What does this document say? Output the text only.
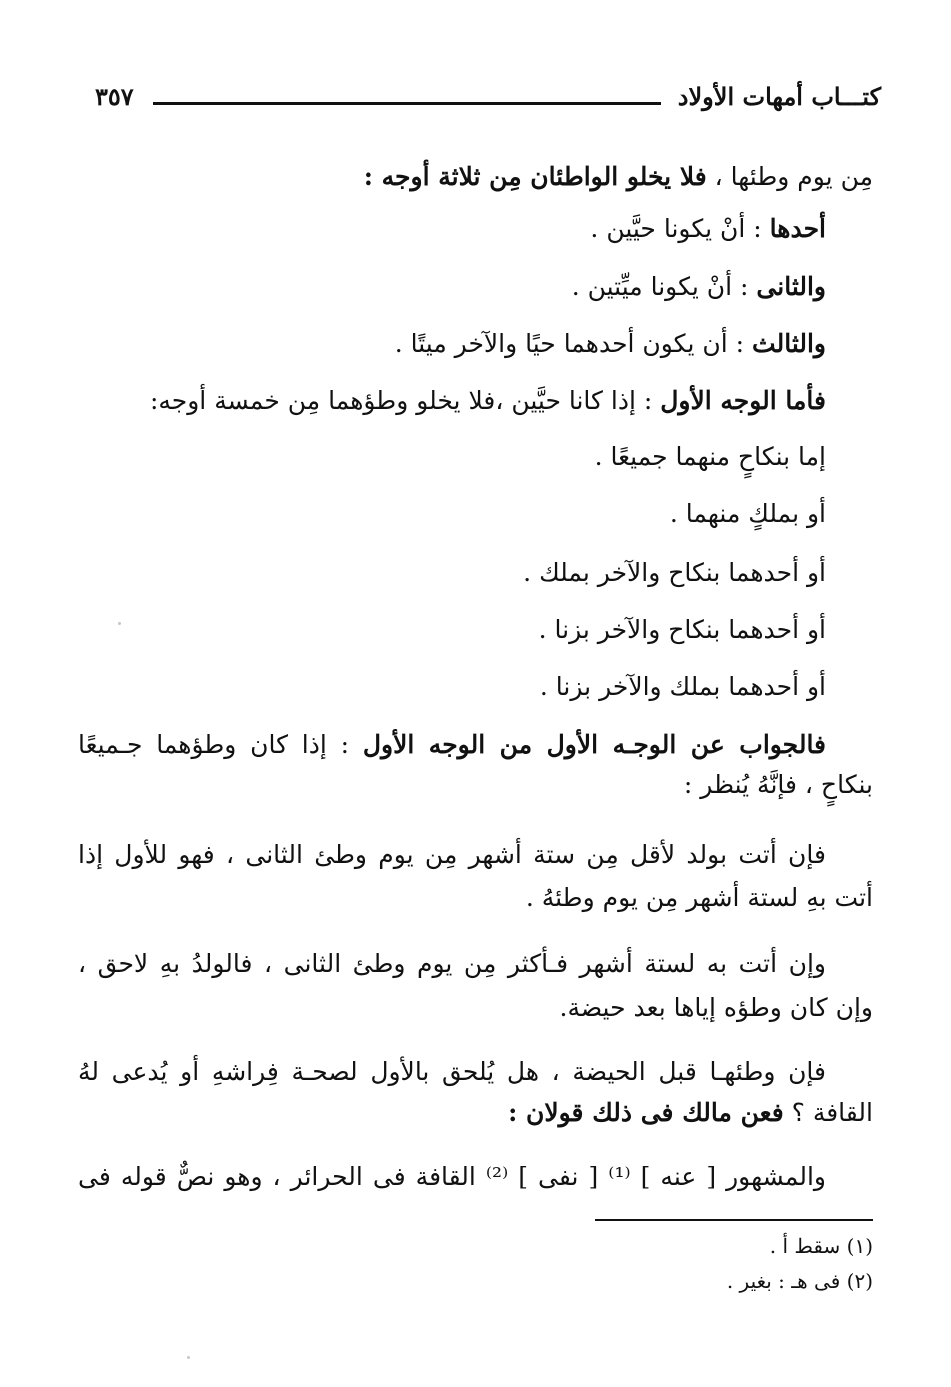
كتـــاب أمهات الأولاد
٣٥٧
مِن يوم وطئها ، فلا يخلو الواطئان مِن ثلاثة أوجه :
أحدها : أنْ يكونا حيَّين .
والثانى : أنْ يكونا ميِّتين .
والثالث : أن يكون أحدهما حيًا والآخر ميتًا .
فأما الوجه الأول : إذا كانا حيَّين ،فلا يخلو وطؤهما مِن خمسة أوجه:
إما بنكاحٍ منهما جميعًا .
أو بملكٍ منهما .
أو أحدهما بنكاح والآخر بملك .
أو أحدهما بنكاح والآخر بزنا .
أو أحدهما بملك والآخر بزنا .
فالجواب عن الوجـه الأول من الوجه الأول : إذا كان وطؤهما جـميعًا
بنكاحٍ ، فإنَّهُ يُنظر :
فإن أتت بولد لأقل مِن ستة أشهر مِن يوم وطئ الثانى ، فهو للأول إذا
أتت بهِ لستة أشهر مِن يوم وطئهُ .
وإن أتت به لستة أشهر فـأكثر مِن يوم وطئ الثانى ، فالولدُ بهِ لاحق ،
وإن كان وطؤه إياها بعد حيضة.
فإن وطئهـا قبل الحيضة ، هل يُلحق بالأول لصحـة فِراشهِ أو يُدعى لهُ
القافة ؟ فعن مالك فى ذلك قولان :
والمشهور [ عنه ] ⁽¹⁾ [ نفى ] ⁽²⁾ القافة فى الحرائر ، وهو نصٌّ قوله فى
(١) سقط أ .
(٢) فى هـ : بغير .
